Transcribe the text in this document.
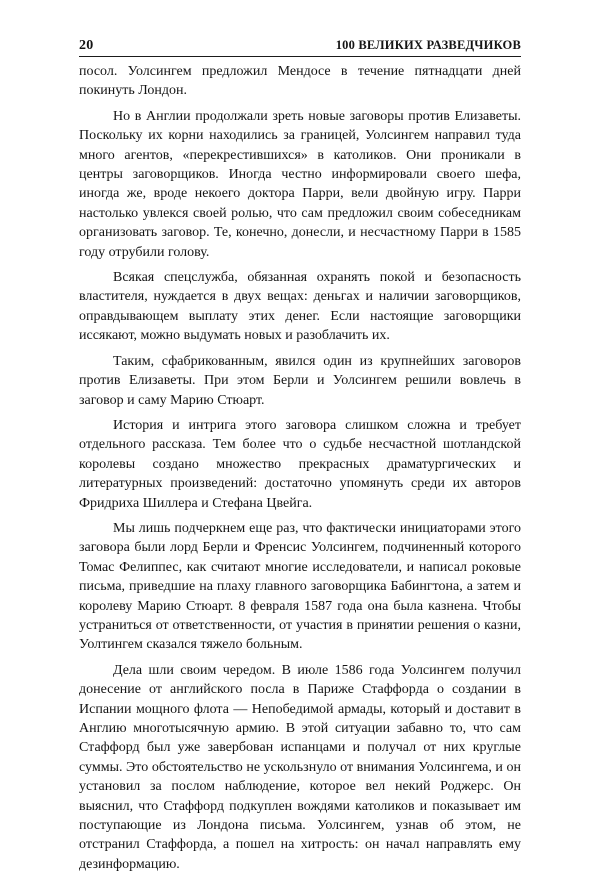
20	100 ВЕЛИКИХ РАЗВЕДЧИКОВ

посол. Уолсингем предложил Мендосе в течение пятнадцати дней покинуть Лондон.

Но в Англии продолжали зреть новые заговоры против Елизаветы. Поскольку их корни находились за границей, Уолсингем направил туда много агентов, «перекрестившихся» в католиков. Они проникали в центры заговорщиков. Иногда честно информировали своего шефа, иногда же, вроде некоего доктора Парри, вели двойную игру. Парри настолько увлекся своей ролью, что сам предложил своим собеседникам организовать заговор. Те, конечно, донесли, и несчастному Парри в 1585 году отрубили голову.

Всякая спецслужба, обязанная охранять покой и безопасность властителя, нуждается в двух вещах: деньгах и наличии заговорщиков, оправдывающем выплату этих денег. Если настоящие заговорщики иссякают, можно выдумать новых и разоблачить их.

Таким, сфабрикованным, явился один из крупнейших заговоров против Елизаветы. При этом Берли и Уолсингем решили вовлечь в заговор и саму Марию Стюарт.

История и интрига этого заговора слишком сложна и требует отдельного рассказа. Тем более что о судьбе несчастной шотландской королевы создано множество прекрасных драматургических и литературных произведений: достаточно упомянуть среди их авторов Фридриха Шиллера и Стефана Цвейга.

Мы лишь подчеркнем еще раз, что фактически инициаторами этого заговора были лорд Берли и Френсис Уолсингем, подчиненный которого Томас Фелиппес, как считают многие исследователи, и написал роковые письма, приведшие на плаху главного заговорщика Бабингтона, а затем и королеву Марию Стюарт. 8 февраля 1587 года она была казнена. Чтобы устраниться от ответственности, от участия в принятии решения о казни, Уолтингем сказался тяжело больным.

Дела шли своим чередом. В июле 1586 года Уолсингем получил донесение от английского посла в Париже Стаффорда о создании в Испании мощного флота — Непобедимой армады, который и доставит в Англию многотысячную армию. В этой ситуации забавно то, что сам Стаффорд был уже завербован испанцами и получал от них круглые суммы. Это обстоятельство не ускользнуло от внимания Уолсингема, и он установил за послом наблюдение, которое вел некий Роджерс. Он выяснил, что Стаффорд подкуплен вождями католиков и показывает им поступающие из Лондона письма. Уолсингем, узнав об этом, не отстранил Стаффорда, а пошел на хитрость: он начал направлять ему дезинформацию.
